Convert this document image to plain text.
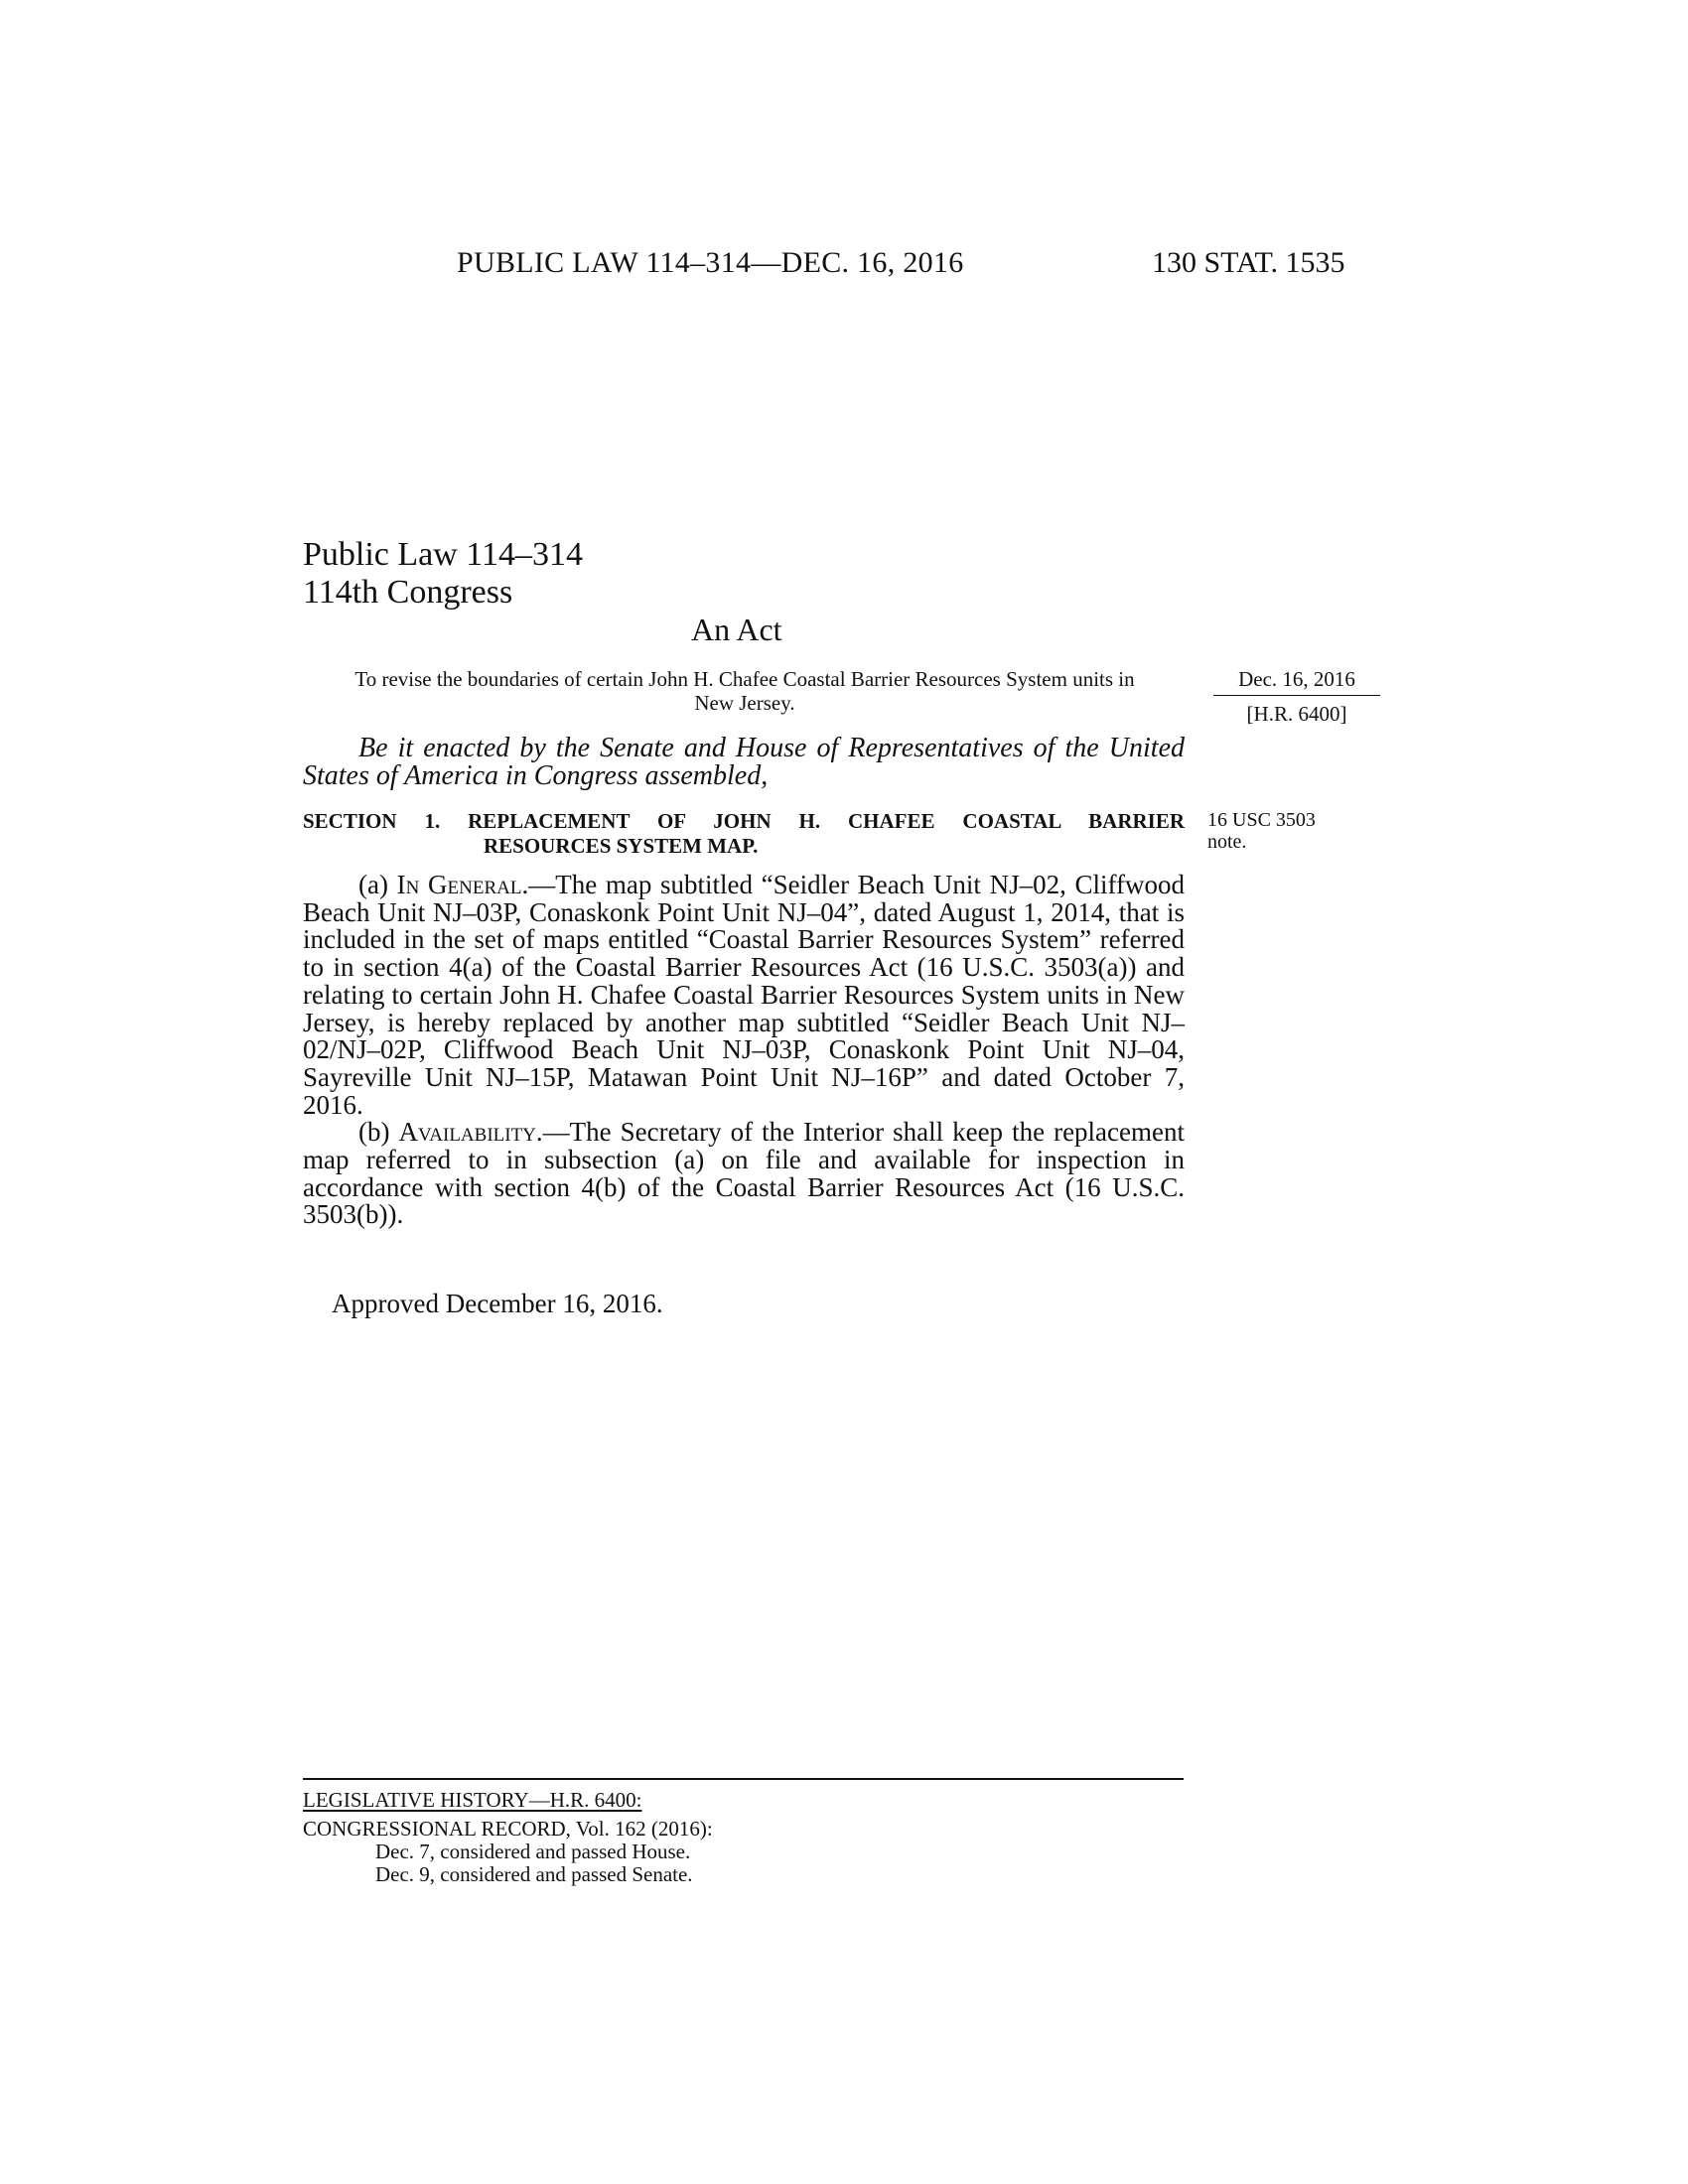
PUBLIC LAW 114–314—DEC. 16, 2016	130 STAT. 1535
Public Law 114–314
114th Congress
An Act
To revise the boundaries of certain John H. Chafee Coastal Barrier Resources System units in New Jersey.
Dec. 16, 2016
[H.R. 6400]
Be it enacted by the Senate and House of Representatives of the United States of America in Congress assembled,
SECTION 1. REPLACEMENT OF JOHN H. CHAFEE COASTAL BARRIER
RESOURCES SYSTEM MAP.
16 USC 3503
note.

(a) In General.—The map subtitled “Seidler Beach Unit NJ–02, Cliffwood Beach Unit NJ–03P, Conaskonk Point Unit NJ–04”, dated August 1, 2014, that is included in the set of maps entitled “Coastal Barrier Resources System” referred to in section 4(a) of the Coastal Barrier Resources Act (16 U.S.C. 3503(a)) and relating to certain John H. Chafee Coastal Barrier Resources System units in New Jersey, is hereby replaced by another map subtitled “Seidler Beach Unit NJ–02/NJ–02P, Cliffwood Beach Unit NJ–03P, Conaskonk Point Unit NJ–04, Sayreville Unit NJ–15P, Matawan Point Unit NJ–16P” and dated October 7, 2016.

(b) Availability.—The Secretary of the Interior shall keep the replacement map referred to in subsection (a) on file and available for inspection in accordance with section 4(b) of the Coastal Barrier Resources Act (16 U.S.C. 3503(b)).

Approved December 16, 2016.
LEGISLATIVE HISTORY—H.R. 6400:
CONGRESSIONAL RECORD, Vol. 162 (2016):
Dec. 7, considered and passed House.
Dec. 9, considered and passed Senate.
